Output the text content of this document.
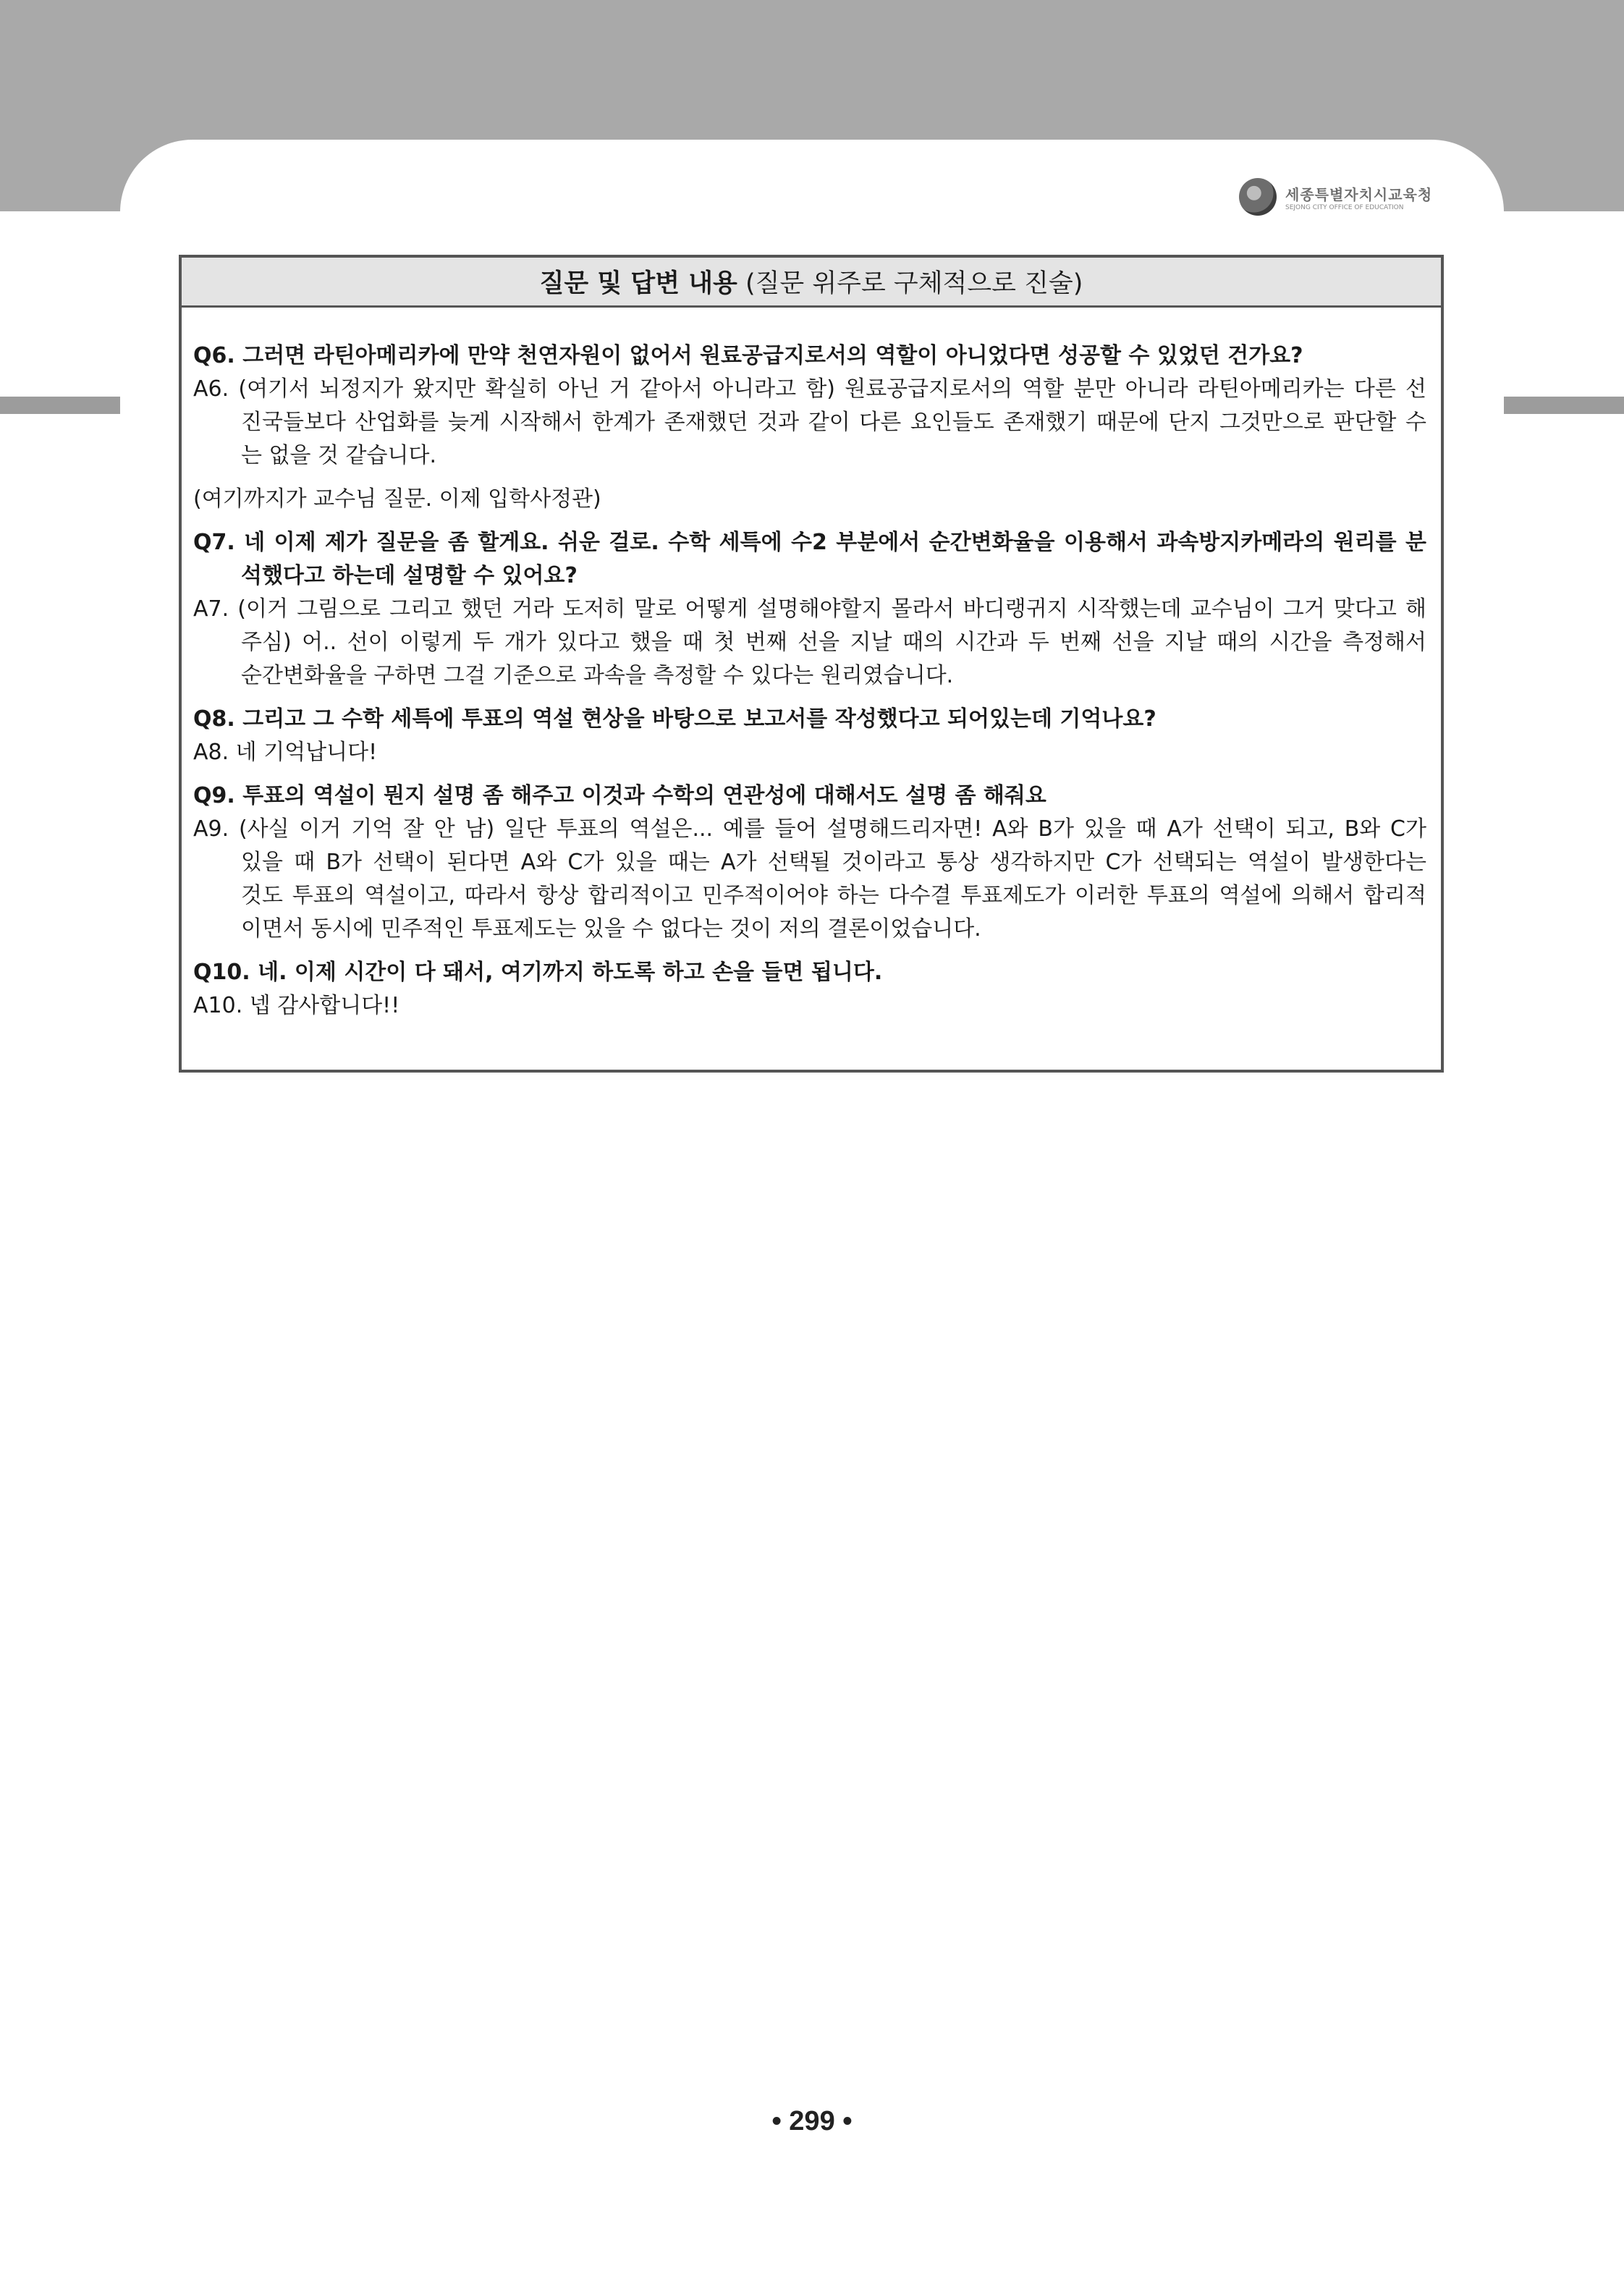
세종특별자치시교육청
SEJONG CITY OFFICE OF EDUCATION
질문 및 답변 내용 (질문 위주로 구체적으로 진술)
Q6. 그러면 라틴아메리카에 만약 천연자원이 없어서 원료공급지로서의 역할이 아니었다면 성공할 수 있었던 건가요?
A6. (여기서 뇌정지가 왔지만 확실히 아닌 거 같아서 아니라고 함) 원료공급지로서의 역할 분만 아니라 라틴아메리카는 다른 선
진국들보다 산업화를 늦게 시작해서 한계가 존재했던 것과 같이 다른 요인들도 존재했기 때문에 단지 그것만으로 판단할 수
는 없을 것 같습니다.
(여기까지가 교수님 질문. 이제 입학사정관)
Q7. 네 이제 제가 질문을 좀 할게요. 쉬운 걸로. 수학 세특에 수2 부분에서 순간변화율을 이용해서 과속방지카메라의 원리를 분
석했다고 하는데 설명할 수 있어요?
A7. (이거 그림으로 그리고 했던 거라 도저히 말로 어떻게 설명해야할지 몰라서 바디랭귀지 시작했는데 교수님이 그거 맞다고 해
주심) 어.. 선이 이렇게 두 개가 있다고 했을 때 첫 번째 선을 지날 때의 시간과 두 번째 선을 지날 때의 시간을 측정해서
순간변화율을 구하면 그걸 기준으로 과속을 측정할 수 있다는 원리였습니다.
Q8. 그리고 그 수학 세특에 투표의 역설 현상을 바탕으로 보고서를 작성했다고 되어있는데 기억나요?
A8. 네 기억납니다!
Q9. 투표의 역설이 뭔지 설명 좀 해주고 이것과 수학의 연관성에 대해서도 설명 좀 해줘요
A9. (사실 이거 기억 잘 안 남) 일단 투표의 역설은... 예를 들어 설명해드리자면! A와 B가 있을 때 A가 선택이 되고, B와 C가
있을 때 B가 선택이 된다면 A와 C가 있을 때는 A가 선택될 것이라고 통상 생각하지만 C가 선택되는 역설이 발생한다는
것도 투표의 역설이고, 따라서 항상 합리적이고 민주적이어야 하는 다수결 투표제도가 이러한 투표의 역설에 의해서 합리적
이면서 동시에 민주적인 투표제도는 있을 수 없다는 것이 저의 결론이었습니다.
Q10. 네. 이제 시간이 다 돼서, 여기까지 하도록 하고 손을 들면 됩니다.
A10. 넵 감사합니다!!
• 299 •
